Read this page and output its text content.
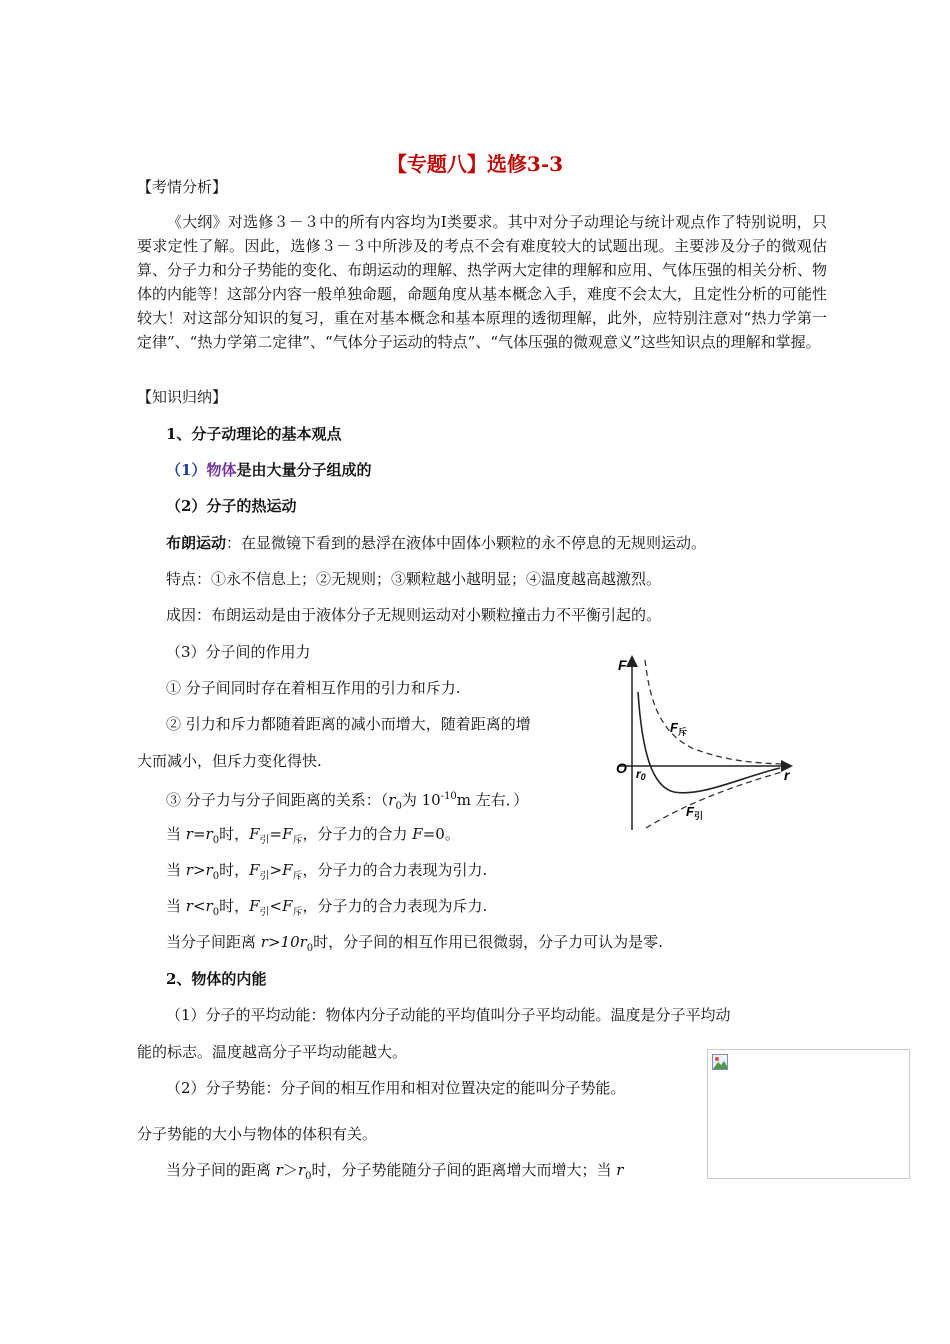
【专题八】选修3-3
【考情分析】
《大纲》对选修３－３中的所有内容均为Ⅰ类要求。其中对分子动理论与统计观点作了特别说明，只要求定性了解。因此，选修３－３中所涉及的考点不会有难度较大的试题出现。主要涉及分子的微观估算、分子力和分子势能的变化、布朗运动的理解、热学两大定律的理解和应用、气体压强的相关分析、物体的内能等！这部分内容一般单独命题，命题角度从基本概念入手，难度不会太大，且定性分析的可能性较大！对这部分知识的复习，重在对基本概念和基本原理的透彻理解，此外，应特别注意对“热力学第一定律”、“热力学第二定律”、“气体分子运动的特点”、“气体压强的微观意义”这些知识点的理解和掌握。
【知识归纳】
1、分子动理论的基本观点
（1）物体是由大量分子组成的
（2）分子的热运动
布朗运动：在显微镜下看到的悬浮在液体中固体小颗粒的永不停息的无规则运动。
特点：①永不信息上；②无规则；③颗粒越小越明显；④温度越高越激烈。
成因：布朗运动是由于液体分子无规则运动对小颗粒撞击力不平衡引起的。
（3）分子间的作用力
① 分子间同时存在着相互作用的引力和斥力.
② 引力和斥力都随着距离的减小而增大，随着距离的增
大而减小，但斥力变化得快.
③ 分子力与分子间距离的关系：（$r_0$为 $10^{-10}m$ 左右．）
当 $r=r_0$时，$F_引=F_斥$，分子力的合力 F=0。
当 $r>r_0$时，$F_引>F_斥$，分子力的合力表现为引力.
当 $r<r_0$时，$F_引<F_斥$，分子力的合力表现为斥力.
当分子间距离 $r>10r_0$时，分子间的相互作用已很微弱，分子力可认为是零.
2、物体的内能
（1）分子的平均动能：物体内分子动能的平均值叫分子平均动能。温度是分子平均动
能的标志。温度越高分子平均动能越大。
（2）分子势能：分子间的相互作用和相对位置决定的能叫分子势能。
分子势能的大小与物体的体积有关。
当分子间的距离 $r>r_0$时，分子势能随分子间的距离增大而增大；当 r
F
r
O r0
$F_斥$
$F_引$
